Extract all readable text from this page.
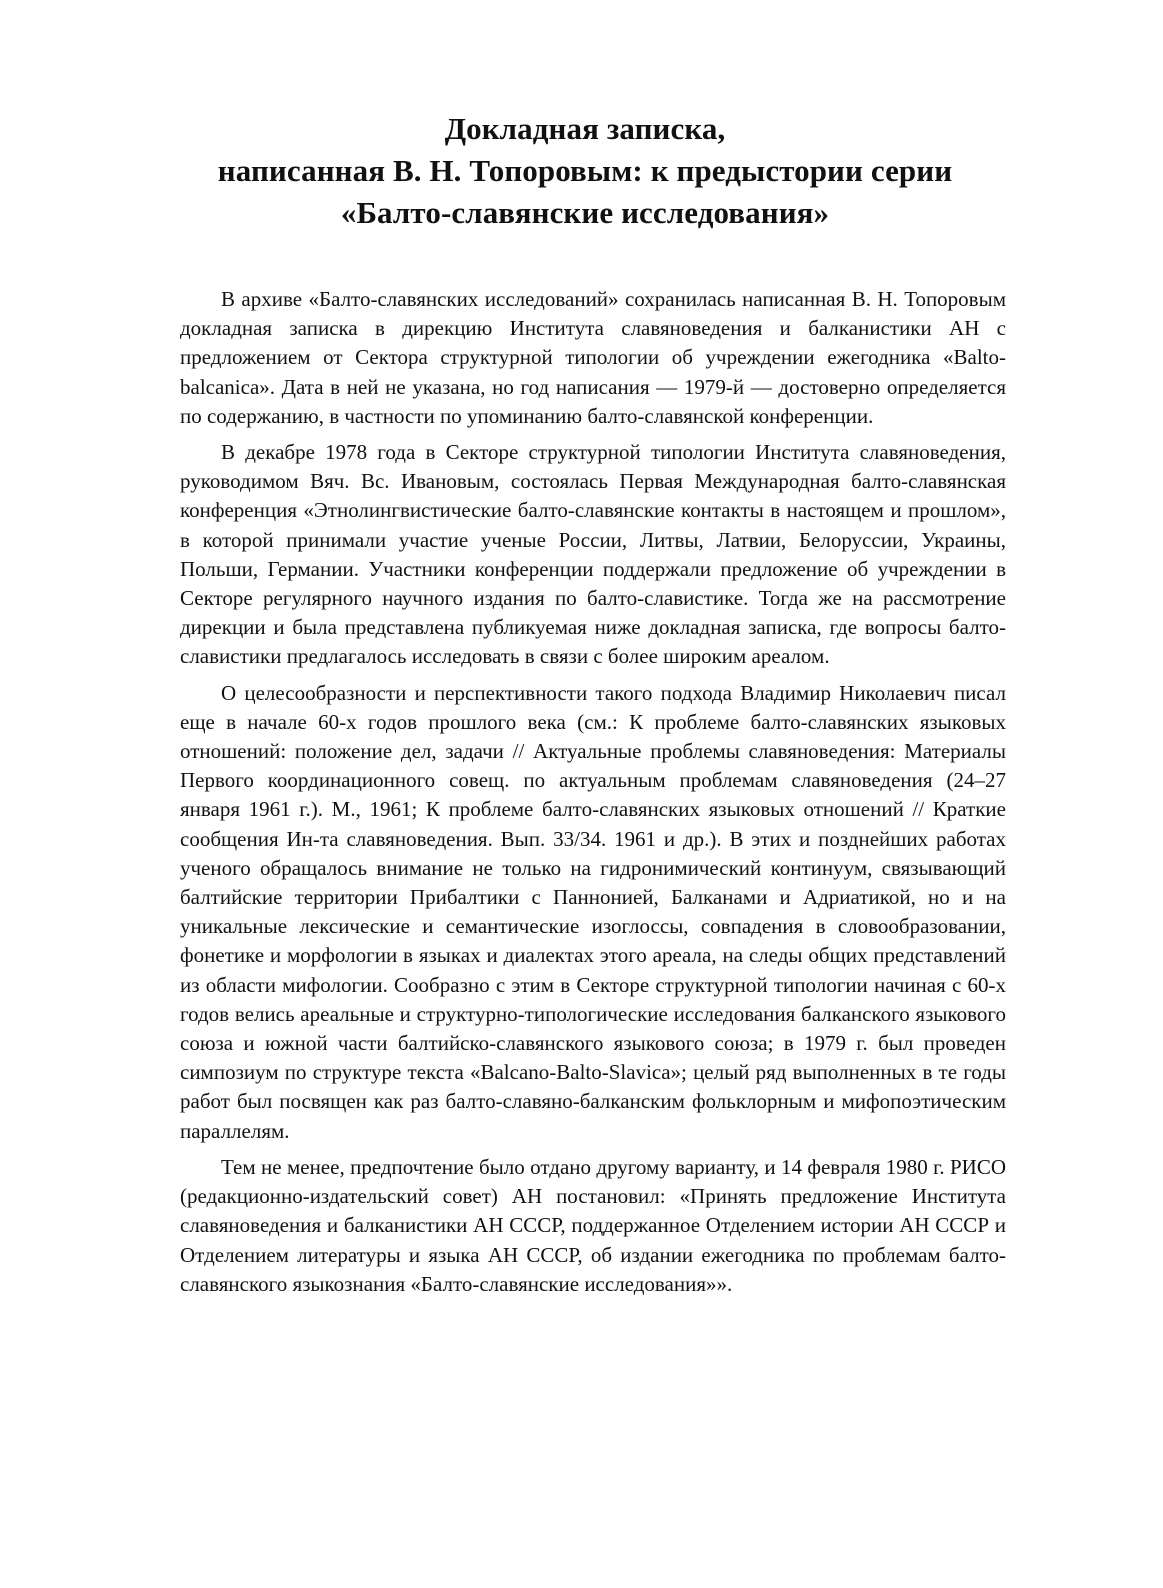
Докладная записка,
написанная В. Н. Топоровым: к предыстории серии
«Балто-славянские исследования»

В архиве «Балто-славянских исследований» сохранилась написанная В. Н. Топоровым докладная записка в дирекцию Института славяноведения и балканистики АН с предложением от Сектора структурной типологии об учреждении ежегодника «Balto-balcanica». Дата в ней не указана, но год написания — 1979-й — достоверно определяется по содержанию, в частности по упоминанию балто-славянской конференции.

В декабре 1978 года в Секторе структурной типологии Института славяноведения, руководимом Вяч. Вс. Ивановым, состоялась Первая Международная балто-славянская конференция «Этнолингвистические балто-славянские контакты в настоящем и прошлом», в которой принимали участие ученые России, Литвы, Латвии, Белоруссии, Украины, Польши, Германии. Участники конференции поддержали предложение об учреждении в Секторе регулярного научного издания по балто-славистике. Тогда же на рассмотрение дирекции и была представлена публикуемая ниже докладная записка, где вопросы балто-славистики предлагалось исследовать в связи с более широким ареалом.

О целесообразности и перспективности такого подхода Владимир Николаевич писал еще в начале 60-х годов прошлого века (см.: К проблеме балто-славянских языковых отношений: положение дел, задачи // Актуальные проблемы славяноведения: Материалы Первого координационного совещ. по актуальным проблемам славяноведения (24–27 января 1961 г.). М., 1961; К проблеме балто-славянских языковых отношений // Краткие сообщения Ин-та славяноведения. Вып. 33/34. 1961 и др.). В этих и позднейших работах ученого обращалось внимание не только на гидронимический континуум, связывающий балтийские территории Прибалтики с Паннонией, Балканами и Адриатикой, но и на уникальные лексические и семантические изоглоссы, совпадения в словообразовании, фонетике и морфологии в языках и диалектах этого ареала, на следы общих представлений из области мифологии. Сообразно с этим в Секторе структурной типологии начиная с 60-х годов велись ареальные и структурно-типологические исследования балканского языкового союза и южной части балтийско-славянского языкового союза; в 1979 г. был проведен симпозиум по структуре текста «Balcano-Balto-Slavica»; целый ряд выполненных в те годы работ был посвящен как раз балто-славяно-балканским фольклорным и мифопоэтическим параллелям.

Тем не менее, предпочтение было отдано другому варианту, и 14 февраля 1980 г. РИСО (редакционно-издательский совет) АН постановил: «Принять предложение Института славяноведения и балканистики АН СССР, поддержанное Отделением истории АН СССР и Отделением литературы и языка АН СССР, об издании ежегодника по проблемам балто-славянского языкознания «Балто-славянские исследования»».
